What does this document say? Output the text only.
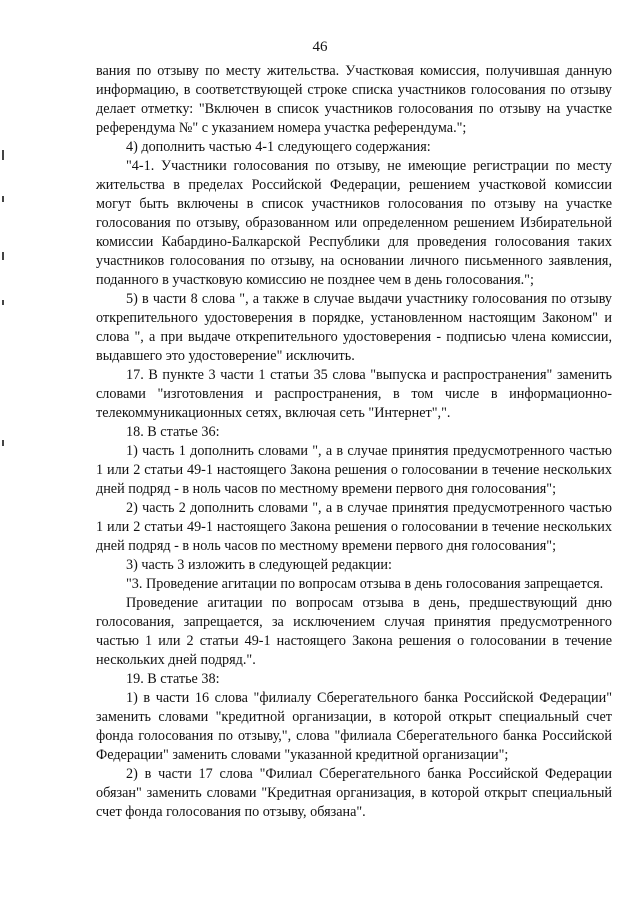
46

вания по отзыву по месту жительства. Участковая комиссия, получившая данную информацию, в соответствующей строке списка участников голосования по отзыву делает отметку: "Включен в список участников голосования по отзыву на участке референдума №" с указанием номера участка референдума.";

4) дополнить частью 4-1 следующего содержания:

"4-1. Участники голосования по отзыву, не имеющие регистрации по месту жительства в пределах Российской Федерации, решением участковой комиссии могут быть включены в список участников голосования по отзыву на участке голосования по отзыву, образованном или определенном решением Избирательной комиссии Кабардино-Балкарской Республики для проведения голосования таких участников голосования по отзыву, на основании личного письменного заявления, поданного в участковую комиссию не позднее чем в день голосования.";

5) в части 8 слова ", а также в случае выдачи участнику голосования по отзыву открепительного удостоверения в порядке, установленном настоящим Законом" и слова ", а при выдаче открепительного удостоверения - подписью члена комиссии, выдавшего это удостоверение" исключить.

17. В пункте 3 части 1 статьи 35 слова "выпуска и распространения" заменить словами "изготовления и распространения, в том числе в информационно-телекоммуникационных сетях, включая сеть "Интернет",".

18. В статье 36:

1) часть 1 дополнить словами ", а в случае принятия предусмотренного частью 1 или 2 статьи 49-1 настоящего Закона решения о голосовании в течение нескольких дней подряд - в ноль часов по местному времени первого дня голосования";

2) часть 2 дополнить словами ", а в случае принятия предусмотренного частью 1 или 2 статьи 49-1 настоящего Закона решения о голосовании в течение нескольких дней подряд - в ноль часов по местному времени первого дня голосования";

3) часть 3 изложить в следующей редакции:

"3. Проведение агитации по вопросам отзыва в день голосования запрещается.

Проведение агитации по вопросам отзыва в день, предшествующий дню голосования, запрещается, за исключением случая принятия предусмотренного частью 1 или 2 статьи 49-1 настоящего Закона решения о голосовании в течение нескольких дней подряд.".

19. В статье 38:

1) в части 16 слова "филиалу Сберегательного банка Российской Федерации" заменить словами "кредитной организации, в которой открыт специальный счет фонда голосования по отзыву,", слова "филиала Сберегательного банка Российской Федерации" заменить словами "указанной кредитной организации";

2) в части 17 слова "Филиал Сберегательного банка Российской Федерации обязан" заменить словами "Кредитная организация, в которой открыт специальный счет фонда голосования по отзыву, обязана".
